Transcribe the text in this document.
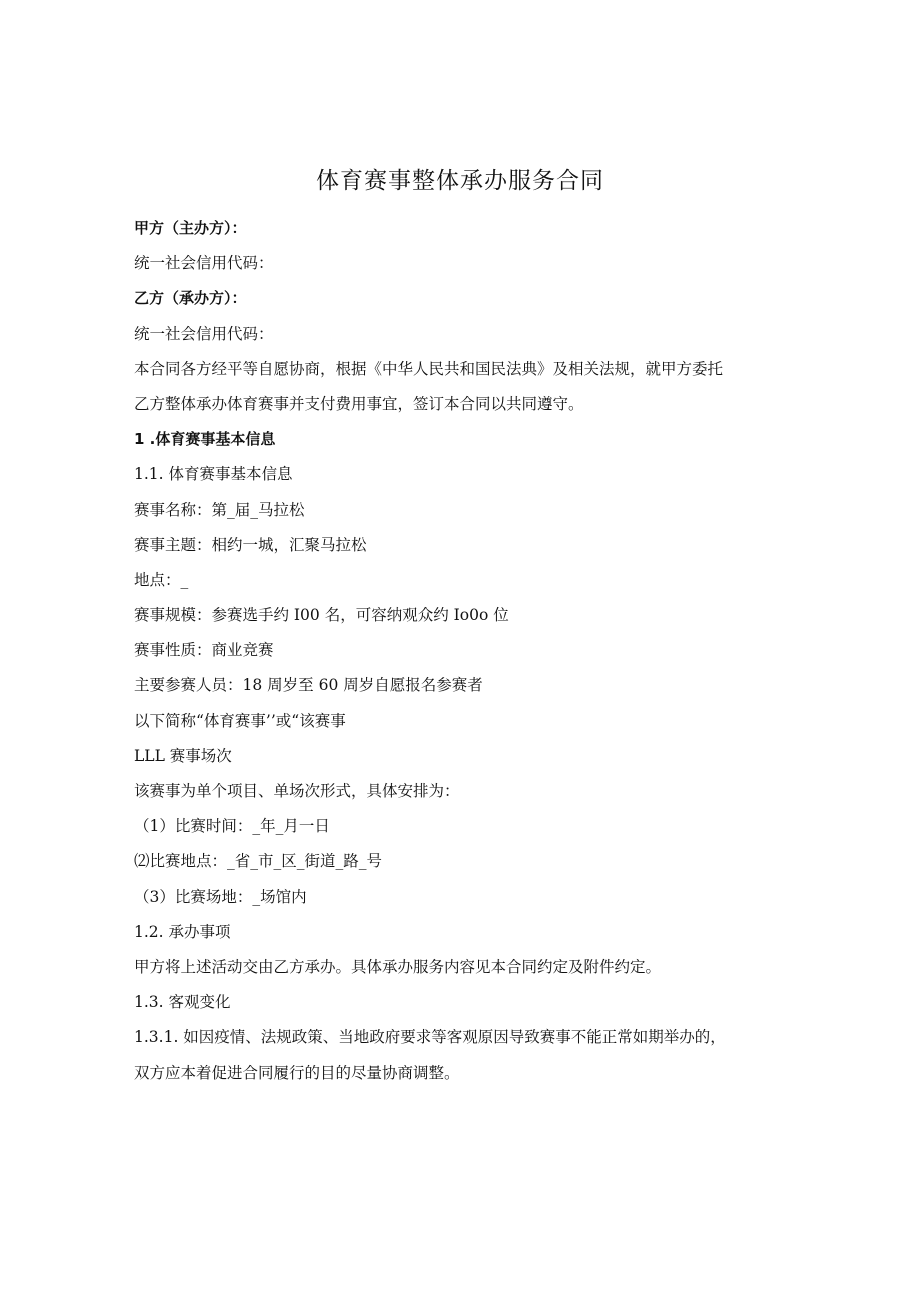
体育赛事整体承办服务合同
甲方（主办方）：
统一社会信用代码：
乙方（承办方）：
统一社会信用代码：
本合同各方经平等自愿协商，根据《中华人民共和国民法典》及相关法规，就甲方委托
乙方整体承办体育赛事并支付费用事宜，签订本合同以共同遵守。
1 .体育赛事基本信息
1.1. 体育赛事基本信息
赛事名称：第_届_马拉松
赛事主题：相约一城，汇聚马拉松
地点：_
赛事规模：参赛选手约 I00 名，可容纳观众约 Io0o 位
赛事性质：商业竞赛
主要参赛人员：18 周岁至 60 周岁自愿报名参赛者
以下简称“体育赛事’’或“该赛事
LLL 赛事场次
该赛事为单个项目、单场次形式，具体安排为：
（1）比赛时间：_年_月一日
⑵比赛地点：_省_市_区_街道_路_号
（3）比赛场地：_场馆内
1.2. 承办事项
甲方将上述活动交由乙方承办。具体承办服务内容见本合同约定及附件约定。
1.3. 客观变化
1.3.1. 如因疫情、法规政策、当地政府要求等客观原因导致赛事不能正常如期举办的，
双方应本着促进合同履行的目的尽量协商调整。
